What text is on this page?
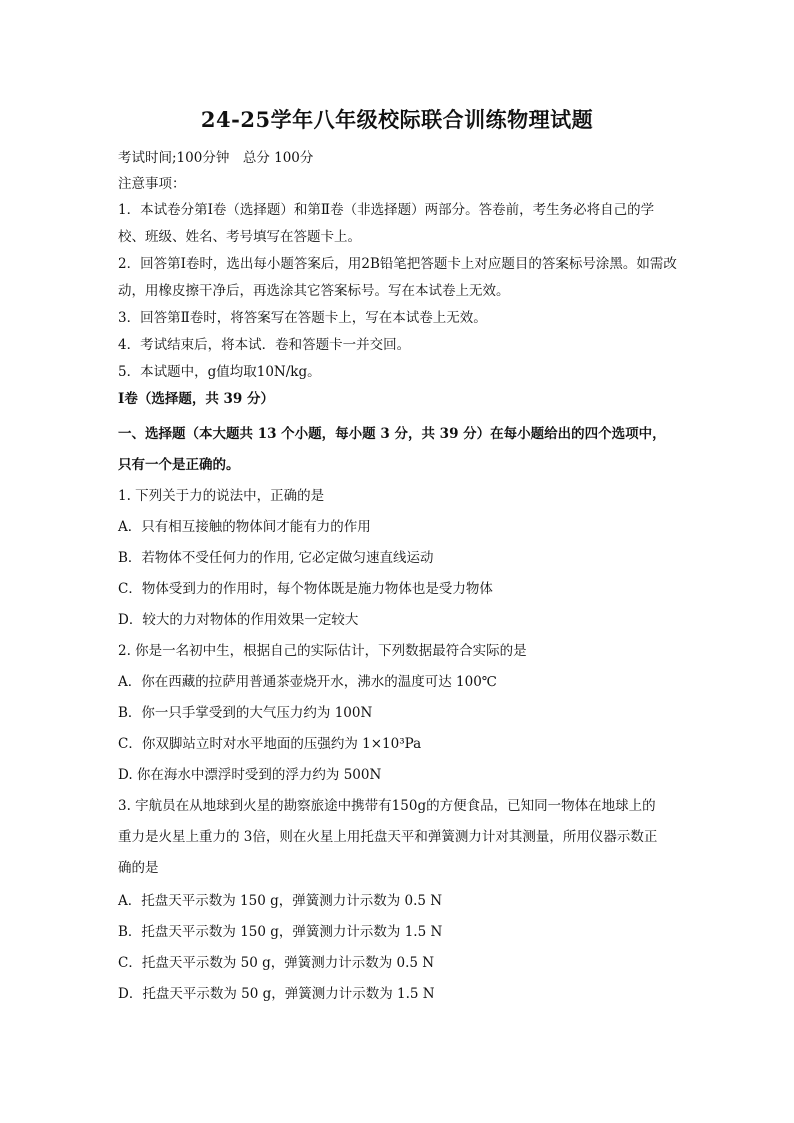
24-25学年八年级校际联合训练物理试题
考试时间;100分钟　总分 100分
注意事项：
1．本试卷分第Ⅰ卷（选择题）和第Ⅱ卷（非选择题）两部分。答卷前，考生务必将自己的学
校、班级、姓名、考号填写在答题卡上。
2．回答第Ⅰ卷时，选出每小题答案后，用2B铅笔把答题卡上对应题目的答案标号涂黑。如需改
动，用橡皮擦干净后，再选涂其它答案标号。写在本试卷上无效。
3．回答第Ⅱ卷时，将答案写在答题卡上，写在本试卷上无效。
4．考试结束后，将本试．卷和答题卡一并交回。
5．本试题中，g值均取10N/kg。
Ⅰ卷（选择题，共 39 分）
一、选择题（本大题共 13 个小题，每小题 3 分，共 39 分）在每小题给出的四个选项中，
只有一个是正确的。
1. 下列关于力的说法中，正确的是
A．只有相互接触的物体间才能有力的作用
B．若物体不受任何力的作用, 它必定做匀速直线运动
C．物体受到力的作用时，每个物体既是施力物体也是受力物体
D．较大的力对物体的作用效果一定较大
2. 你是一名初中生，根据自己的实际估计，下列数据最符合实际的是
A．你在西藏的拉萨用普通茶壶烧开水，沸水的温度可达 100℃
B．你一只手掌受到的大气压力约为 100N
C．你双脚站立时对水平地面的压强约为 1×10³Pa
D. 你在海水中漂浮时受到的浮力约为 500N
3. 宇航员在从地球到火星的勘察旅途中携带有150g的方便食品，已知同一物体在地球上的
重力是火星上重力的 3倍，则在火星上用托盘天平和弹簧测力计对其测量，所用仪器示数正
确的是
A．托盘天平示数为 150 g，弹簧测力计示数为 0.5 N
B．托盘天平示数为 150 g，弹簧测力计示数为 1.5 N
C．托盘天平示数为 50 g，弹簧测力计示数为 0.5 N
D．托盘天平示数为 50 g，弹簧测力计示数为 1.5 N
